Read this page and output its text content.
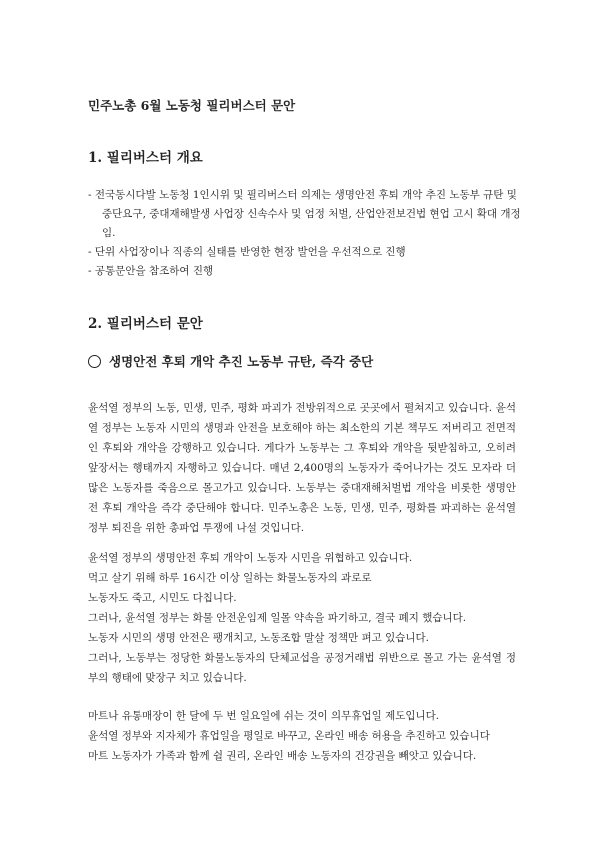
민주노총 6월 노동청 필리버스터 문안
1. 필리버스터 개요
- 전국동시다발 노동청 1인시위 및 필리버스터 의제는 생명안전 후퇴 개악 추진 노동부 규탄 및 중단요구, 중대재해발생 사업장 신속수사 및 엄정 처벌, 산업안전보건법 현업 고시 확대 개정임.
- 단위 사업장이나 직종의 실태를 반영한 현장 발언을 우선적으로 진행
- 공통문안을 참조하여 진행
2. 필리버스터 문안
생명안전 후퇴 개악 추진 노동부 규탄, 즉각 중단

윤석열 정부의 노동, 민생, 민주, 평화 파괴가 전방위적으로 곳곳에서 펼쳐지고 있습니다. 윤석열 정부는 노동자 시민의 생명과 안전을 보호해야 하는 최소한의 기본 책무도 저버리고 전면적인 후퇴와 개악을 강행하고 있습니다. 게다가 노동부는 그 후퇴와 개악을 뒷받침하고, 오히려 앞장서는 행태까지 자행하고 있습니다. 매년 2,400명의 노동자가 죽어나가는 것도 모자라 더 많은 노동자를 죽음으로 몰고가고 있습니다. 노동부는 중대재해처벌법 개악을 비롯한 생명안전 후퇴 개악을 즉각 중단해야 합니다. 민주노총은 노동, 민생, 민주, 평화를 파괴하는 윤석열 정부 퇴진을 위한 총파업 투쟁에 나설 것입니다.

윤석열 정부의 생명안전 후퇴 개악이 노동자 시민을 위협하고 있습니다.

먹고 살기 위해 하루 16시간 이상 일하는 화물노동자의 과로로

노동자도 죽고, 시민도 다칩니다.

그러나, 윤석열 정부는 화물 안전운임제 일몰 약속을 파기하고, 결국 폐지 했습니다.

노동자 시민의 생명 안전은 팽개치고, 노동조합 말살 정책만 펴고 있습니다.

그러나, 노동부는 정당한 화물노동자의 단체교섭을 공정거래법 위반으로 몰고 가는 윤석열 정부의 행태에 맞장구 치고 있습니다.

마트나 유통매장이 한 달에 두 번 일요일에 쉬는 것이 의무휴업일 제도입니다.

윤석열 정부와 지자체가 휴업일을 평일로 바꾸고, 온라인 배송 허용을 추진하고 있습니다

마트 노동자가 가족과 함께 쉴 권리, 온라인 배송 노동자의 건강권을 빼앗고 있습니다.
